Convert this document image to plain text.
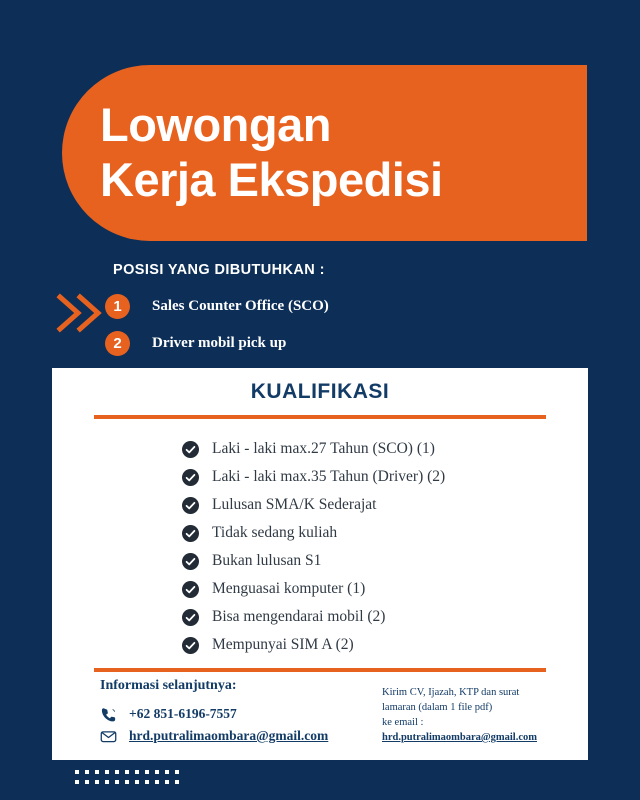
Lowongan
Kerja Ekspedisi
POSISI YANG DIBUTUHKAN :
1	Sales Counter Office (SCO)
2	Driver mobil pick up
KUALIFIKASI
Laki - laki max.27 Tahun (SCO) (1)
Laki - laki max.35 Tahun (Driver) (2)
Lulusan SMA/K Sederajat
Tidak sedang kuliah
Bukan lulusan S1
Menguasai komputer (1)
Bisa mengendarai mobil (2)
Mempunyai SIM A (2)
Informasi selanjutnya:
+62 851-6196-7557
hrd.putralimaombara@gmail.com
Kirim CV, Ijazah, KTP dan surat
lamaran (dalam 1 file pdf)
ke email :
hrd.putralimaombara@gmail.com
